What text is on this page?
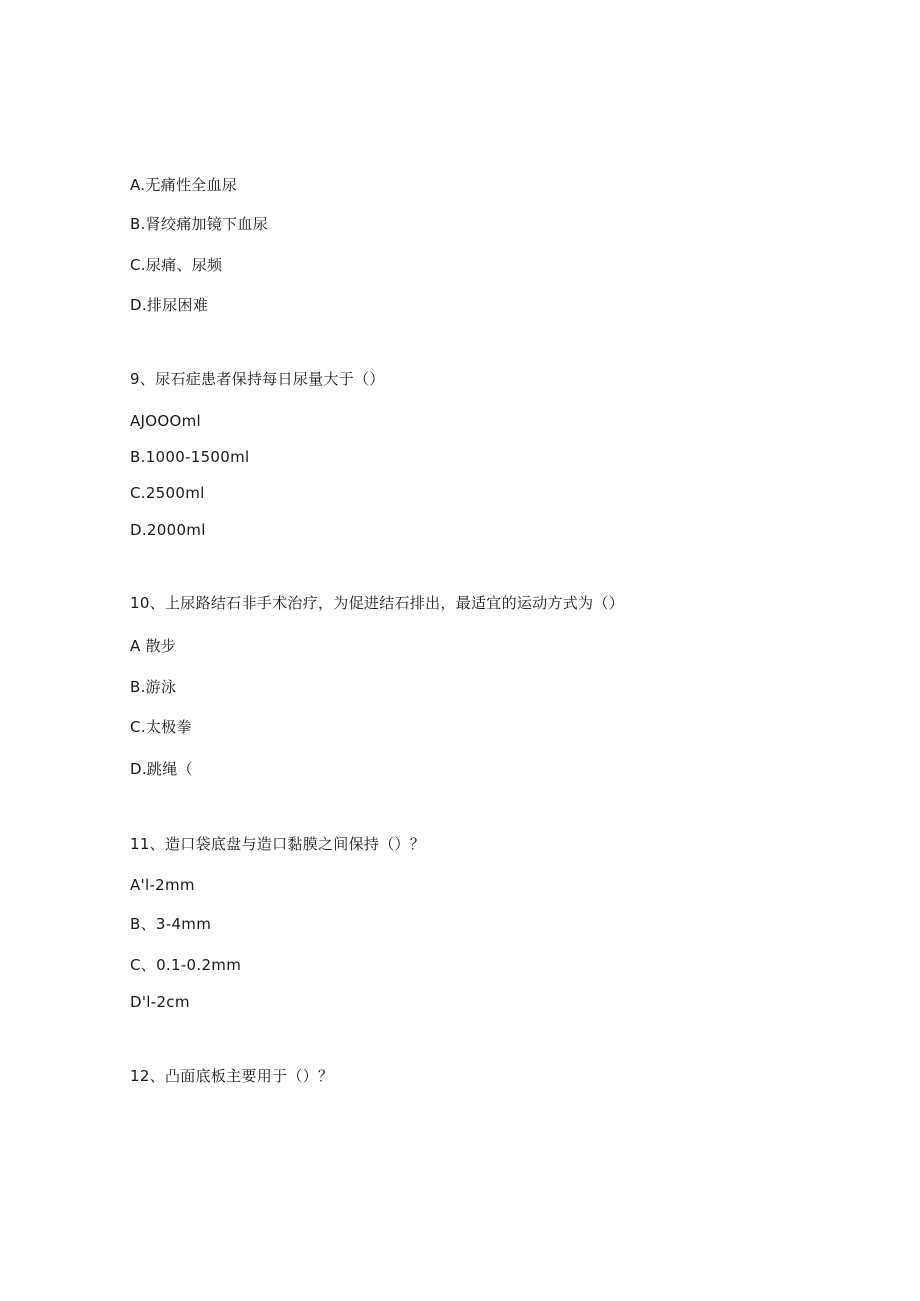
A.无痛性全血尿
B.肾绞痛加镜下血尿
C.尿痛、尿频
D.排尿困难
9、尿石症患者保持每日尿量大于（）
AJOOOml
B.1000-1500ml
C.2500ml
D.2000ml
10、上尿路结石非手术治疗，为促进结石排出，最适宜的运动方式为（）
A 散步
B.游泳
C.太极拳
D.跳绳（
11、造口袋底盘与造口黏膜之间保持（）？
A'l-2mm
B、3-4mm
C、0.1-0.2mm
D'l-2cm
12、凸面底板主要用于（）？
